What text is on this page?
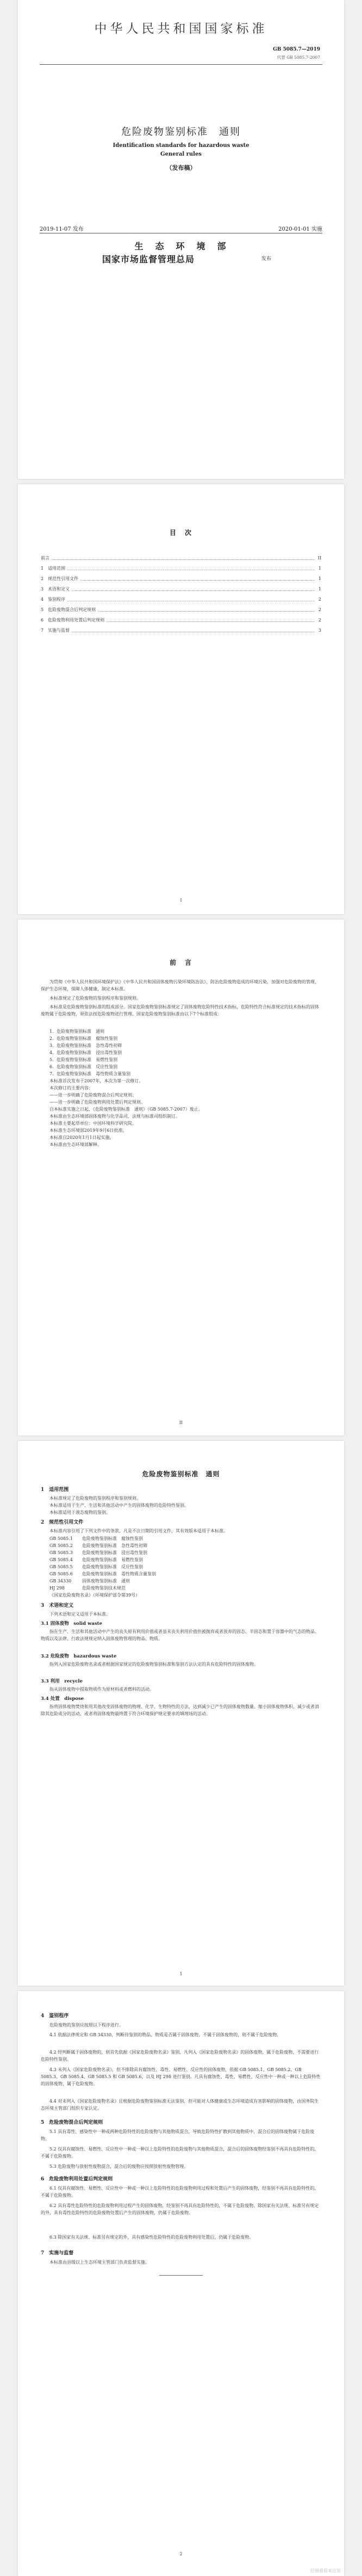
中华人民共和国国家标准
GB 5085.7—2019
代替 GB 5085.7-2007
危险废物鉴别标准　通则
Identification standards for hazardous waste
General rules
（发布稿）
2019-11-07 发布	2020-01-01 实施
生　态　环　境　部
国家市场监督管理总局	发布
目　次
前言	II
1　适用范围	1
2　规范性引用文件	1
3　术语和定义	1
4　鉴别程序	2
5　危险废物混合后判定规则	2
6　危险废物利用处置后判定规则	2
7　实施与监督	3
I
前　言
为贯彻《中华人民共和国环境保护法》《中华人民共和国固体废物污染环境防治法》，防治危险废物造成的环境污染，加强对危险废物的管理，保护生态环境，保障人体健康，制定本标准。
本标准规定了危险废物的鉴别程序和鉴别规则。
本标准是危险废物鉴别标准的组成部分。国家危险废物鉴别标准规定了固体废物危险特性技术指标，危险特性符合标准规定的技术指标的固体废物属于危险废物，须依法按危险废物进行管理。国家危险废物鉴别标准由以下7个标准组成：
1．危险废物鉴别标准　通则
2．危险废物鉴别标准　腐蚀性鉴别
3．危险废物鉴别标准　急性毒性初筛
4．危险废物鉴别标准　浸出毒性鉴别
5．危险废物鉴别标准　易燃性鉴别
6．危险废物鉴别标准　反应性鉴别
7．危险废物鉴别标准　毒性物质含量鉴别
本标准首次发布于2007年，本次为第一次修订。
本次修订的主要内容：
——进一步明确了危险废物混合后判定规则；
——进一步明确了危险废物利用处置后判定规则。
自本标准实施之日起，《危险废物鉴别标准　通则》（GB 5085.7-2007）废止。
本标准由生态环境部固体废物与化学品司、法规与标准司组织制订。
本标准主要起草单位：中国环境科学研究院。
本标准生态环境部2019年9月6日批准。
本标准自2020年1月1日起实施。
本标准由生态环境部解释。
II
危险废物鉴别标准　通则
1　适用范围
本标准规定了危险废物的鉴别程序和鉴别规则。
本标准适用于生产、生活和其他活动中产生的固体废物的危险特性鉴别。
本标准适用于液态废物的鉴别。
2　规范性引用文件
本标准内容引用了下列文件中的条款。凡是不注日期的引用文件，其有效版本适用于本标准。
GB 5085.1 危险废物鉴别标准　腐蚀性鉴别
GB 5085.2 危险废物鉴别标准　急性毒性初筛
GB 5085.3 危险废物鉴别标准　浸出毒性鉴别
GB 5085.4 危险废物鉴别标准　易燃性鉴别
GB 5085.5 危险废物鉴别标准　反应性鉴别
GB 5085.6 危险废物鉴别标准　毒性物质含量鉴别
GB 34330 固体废物鉴别标准　通则
HJ 298	危险废物鉴别技术规范
《国家危险废物名录》（环境保护部令第39号）
3　术语和定义
下列术语和定义适用于本标准。
3.1 固体废物　solid waste
指在生产、生活和其他活动中产生的丧失原有利用价值或者虽未丧失利用价值但被抛弃或者放弃的固态、半固态和置于容器中的气态的物品、物质以及法律、行政法规规定纳入固体废物管理的物品、物质。
3.2 危险废物　hazardous waste
指列入国家危险废物名录或者根据国家规定的危险废物鉴别标准和鉴别方法认定的具有危险特性的固体废物。
3.3 利用　recycle
指从固体废物中提取物质作为原材料或者燃料的活动。
3.4 处置　dispose
指将固体废物焚烧和用其他改变固体废物的物理、化学、生物特性的方法，达到减少已产生的固体废物数量、缩小固体废物体积、减少或者消除其危险成分的活动，或者将固体废物最终置于符合环境保护规定要求的填埋场的活动。
1
4　鉴别程序
危险废物的鉴别应按照以下程序进行。
4.1 依据法律规定和 GB 34330，判断待鉴别的物品、物质是否属于固体废物，不属于固体废物的，则不属于危险废物。
4.2 经判断属于固体废物的，则首先依据《国家危险废物名录》鉴别。凡列入《国家危险废物名录》的固体废物，属于危险废物，不需要进行危险特性鉴别。
4.3 未列入《国家危险废物名录》，但不排除具有腐蚀性、毒性、易燃性、反应性的固体废物，依据 GB 5085.1、GB 5085.2、GB 5085.3、GB 5085.4、GB 5085.5 和 GB 5085.6，以及 HJ 298 进行鉴别。凡具有腐蚀性、毒性、易燃性、反应性中一种或一种以上危险特性的固体废物，属于危险废物。
4.4 对未列入《国家危险废物名录》且根据危险废物鉴别标准无法鉴别，但可能对人体健康或生态环境造成有害影响的固体废物，由国务院生态环境主管部门组织专家认定。
5　危险废物混合后判定规则
5.1 具有毒性、感染性中一种或两种危险特性的危险废物与其他物质混合，导致危险特性扩散到其他物质中，混合后的固体废物属于危险废物。
5.2 仅具有腐蚀性、易燃性、反应性中一种或一种以上危险特性的危险废物与其他物质混合，混合后的固体废物经鉴别不再具有危险特性的，不属于危险废物。
5.3 危险废物与放射性废物混合，混合后的废物应按照放射性废物管理。
6　危险废物利用处置后判定规则
6.1 仅具有腐蚀性、易燃性、反应性中一种或一种以上危险特性的危险废物利用过程和处置后产生的固体废物，经鉴别不再具有危险特性的，不属于危险废物。
6.2 具有毒性危险特性的危险废物利用过程产生的固体废物，经鉴别不再具有危险特性的，不属于危险废物。除国家有关法规、标准另有规定的外，具有毒性危险特性的危险废物处置后产生的固体废物，仍属于危险废物。
6.3 除国家有关法规、标准另有规定的外，具有感染性危险特性的危险废物利用处置后，仍属于危险废物。
7　实施与监督
本标准由县级以上生态环境主管部门负责监督实施。
2
仔细看看来这里
